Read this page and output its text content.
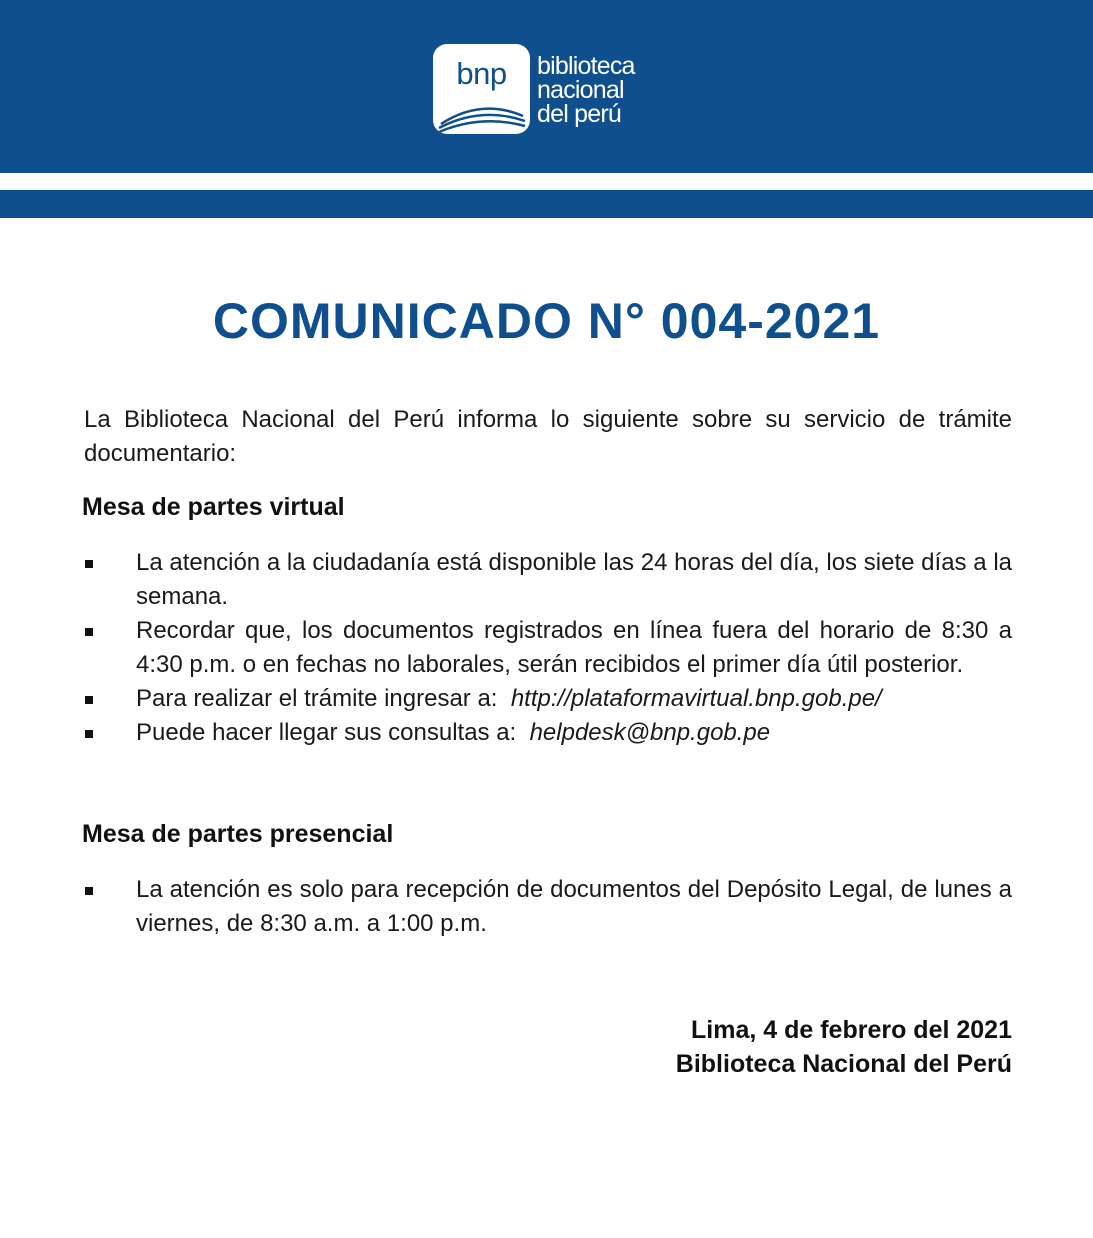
bnp	biblioteca
nacional
del perú
COMUNICADO N° 004-2021

La Biblioteca Nacional del Perú informa lo siguiente sobre su servicio de trámite documentario:

Mesa de partes virtual
La atención a la ciudadanía está disponible las 24 horas del día, los siete días a la semana.
Recordar que, los documentos registrados en línea fuera del horario de 8:30 a 4:30 p.m. o en fechas no laborales, serán recibidos el primer día útil posterior.
Para realizar el trámite ingresar a: http://plataformavirtual.bnp.gob.pe/
Puede hacer llegar sus consultas a: helpdesk@bnp.gob.pe
Mesa de partes presencial
La atención es solo para recepción de documentos del Depósito Legal, de lunes a viernes, de 8:30 a.m. a 1:00 p.m.
Lima, 4 de febrero del 2021
Biblioteca Nacional del Perú
